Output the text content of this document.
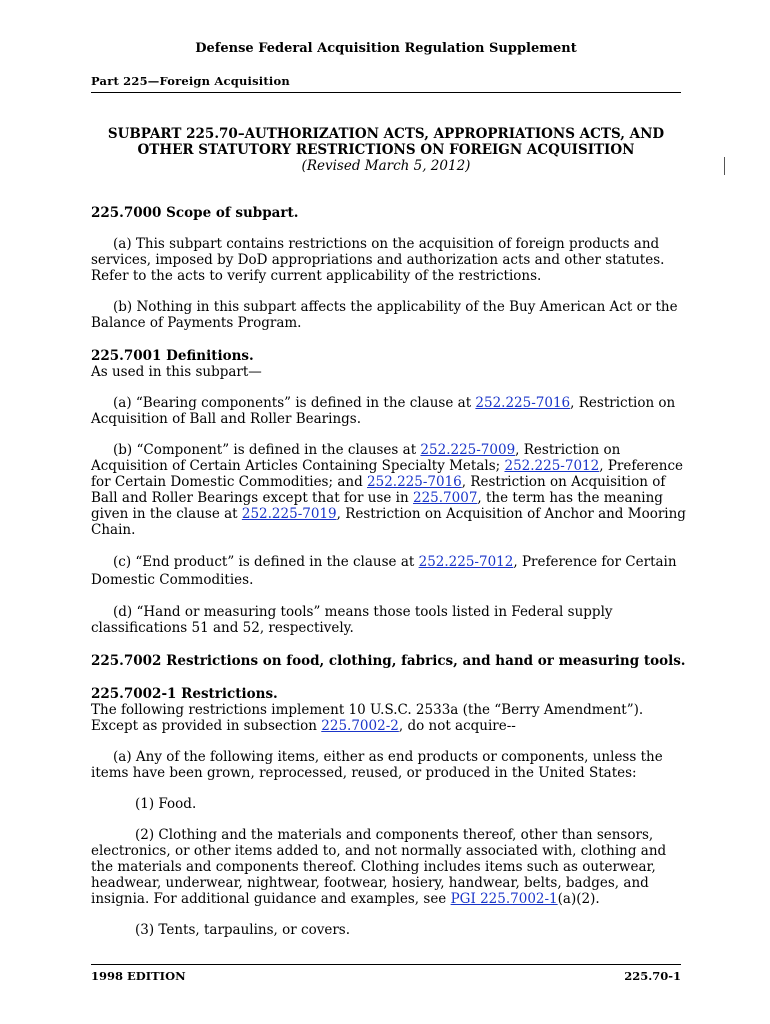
Defense Federal Acquisition Regulation Supplement
Part 225—Foreign Acquisition
SUBPART 225.70–AUTHORIZATION ACTS, APPROPRIATIONS ACTS, AND
OTHER STATUTORY RESTRICTIONS ON FOREIGN ACQUISITION
(Revised March 5, 2012)

225.7000 Scope of subpart.

(a) This subpart contains restrictions on the acquisition of foreign products and services, imposed by DoD appropriations and authorization acts and other statutes. Refer to the acts to verify current applicability of the restrictions.

(b) Nothing in this subpart affects the applicability of the Buy American Act or the Balance of Payments Program.

225.7001 Definitions.

As used in this subpart—

(a) “Bearing components” is defined in the clause at 252.225-7016, Restriction on Acquisition of Ball and Roller Bearings.

(b) “Component” is defined in the clauses at 252.225-7009, Restriction on Acquisition of Certain Articles Containing Specialty Metals; 252.225-7012, Preference for Certain Domestic Commodities; and 252.225-7016, Restriction on Acquisition of Ball and Roller Bearings except that for use in 225.7007, the term has the meaning given in the clause at 252.225-7019, Restriction on Acquisition of Anchor and Mooring Chain.

(c) “End product” is defined in the clause at 252.225-7012, Preference for Certain Domestic Commodities.

(d) “Hand or measuring tools” means those tools listed in Federal supply classifications 51 and 52, respectively.

225.7002 Restrictions on food, clothing, fabrics, and hand or measuring tools.

225.7002-1 Restrictions.

The following restrictions implement 10 U.S.C. 2533a (the “Berry Amendment”).

Except as provided in subsection 225.7002-2, do not acquire--

(a) Any of the following items, either as end products or components, unless the items have been grown, reprocessed, reused, or produced in the United States:

(1) Food.

(2) Clothing and the materials and components thereof, other than sensors, electronics, or other items added to, and not normally associated with, clothing and the materials and components thereof. Clothing includes items such as outerwear, headwear, underwear, nightwear, footwear, hosiery, handwear, belts, badges, and insignia. For additional guidance and examples, see PGI 225.7002-1(a)(2).

(3) Tents, tarpaulins, or covers.

1998 EDITION	225.70-1
